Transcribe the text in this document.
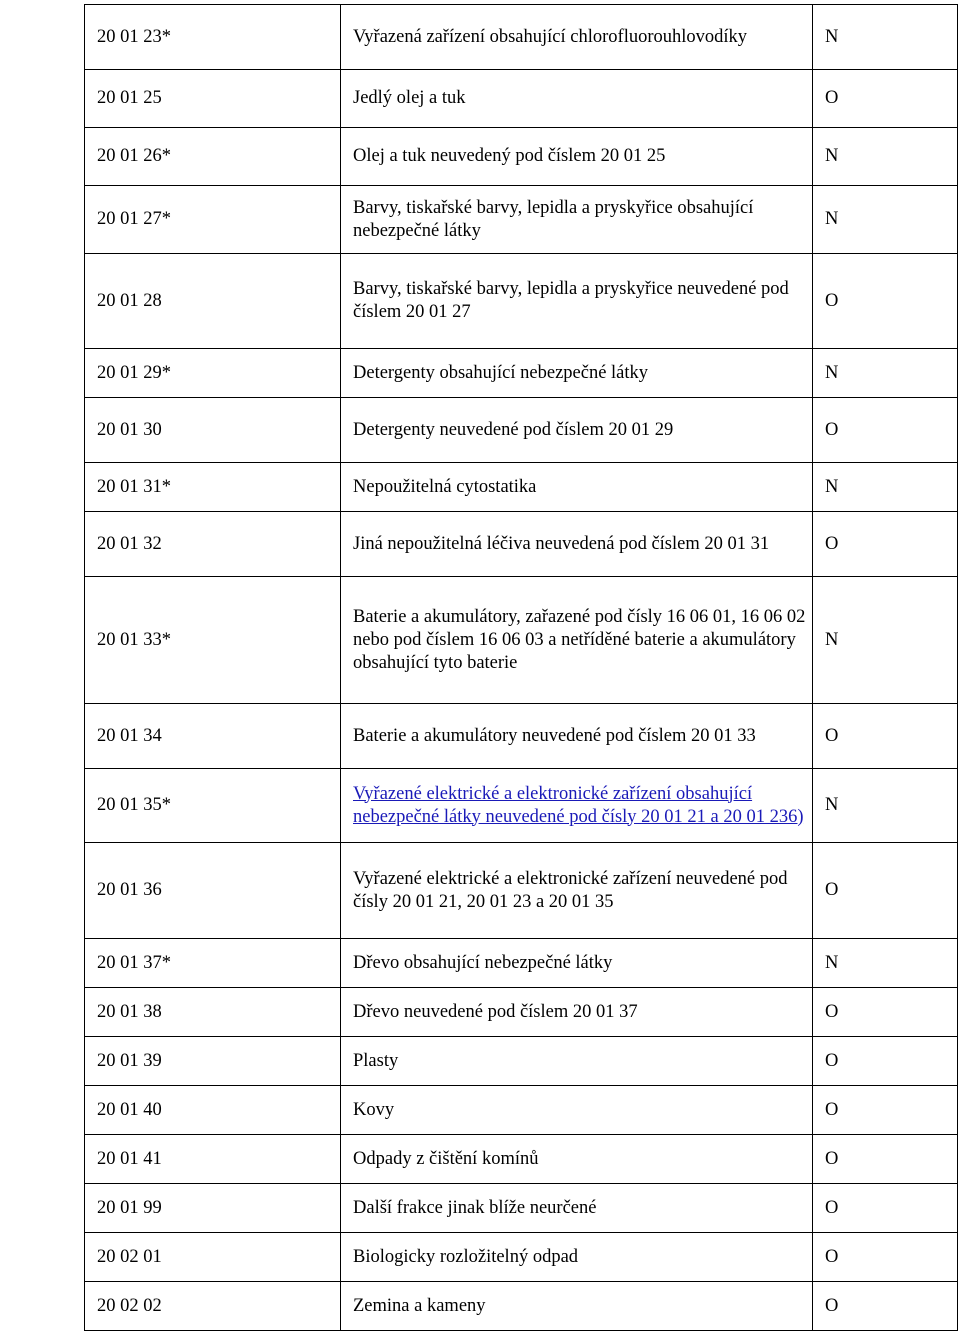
20 01 23*	Vyřazená zařízení obsahující chlorofluorouhlovodíky	N
20 01 25	Jedlý olej a tuk	O
20 01 26*	Olej a tuk neuvedený pod číslem 20 01 25	N
20 01 27*	Barvy, tiskařské barvy, lepidla a pryskyřice obsahující nebezpečné látky	N
20 01 28	Barvy, tiskařské barvy, lepidla a pryskyřice neuvedené pod číslem 20 01 27	O
20 01 29*	Detergenty obsahující nebezpečné látky	N
20 01 30	Detergenty neuvedené pod číslem 20 01 29	O
20 01 31*	Nepoužitelná cytostatika	N
20 01 32	Jiná nepoužitelná léčiva neuvedená pod číslem 20 01 31	O
20 01 33*	Baterie a akumulátory, zařazené pod čísly 16 06 01, 16 06 02 nebo pod číslem 16 06 03 a netříděné baterie a akumulátory obsahující tyto baterie	N
20 01 34	Baterie a akumulátory neuvedené pod číslem 20 01 33	O
20 01 35*	Vyřazené elektrické a elektronické zařízení obsahující nebezpečné látky neuvedené pod čísly 20 01 21 a 20 01 236)	N
20 01 36	Vyřazené elektrické a elektronické zařízení neuvedené pod čísly 20 01 21, 20 01 23 a 20 01 35	O
20 01 37*	Dřevo obsahující nebezpečné látky	N
20 01 38	Dřevo neuvedené pod číslem 20 01 37	O
20 01 39	Plasty	O
20 01 40	Kovy	O
20 01 41	Odpady z čištění komínů	O
20 01 99	Další frakce jinak blíže neurčené	O
20 02 01	Biologicky rozložitelný odpad	O
20 02 02	Zemina a kameny	O
